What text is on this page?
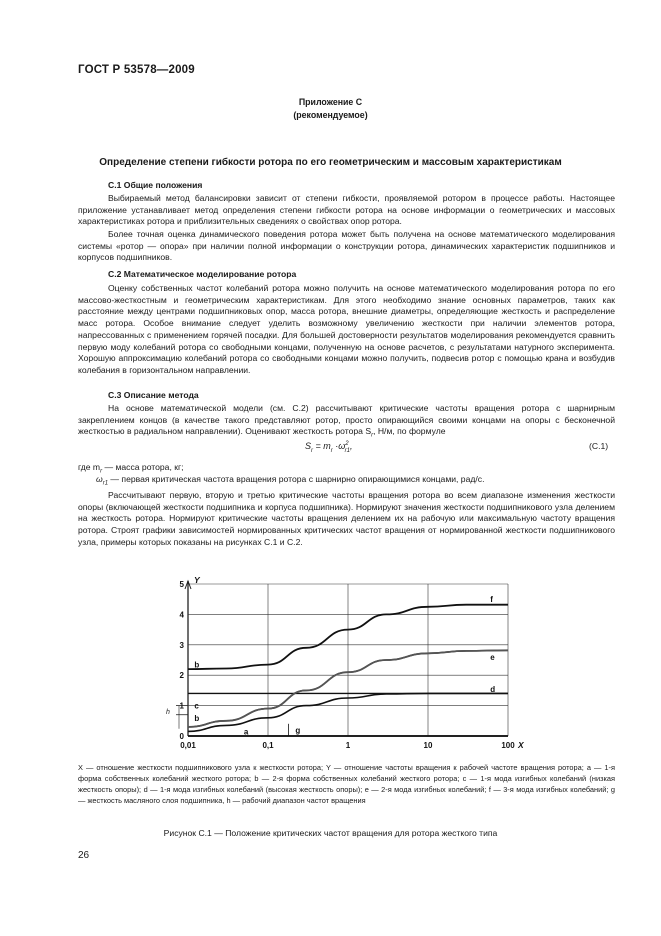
ГОСТ Р 53578—2009
Приложение С
(рекомендуемое)
Определение степени гибкости ротора по его геометрическим и массовым характеристикам
С.1 Общие положения
Выбираемый метод балансировки зависит от степени гибкости, проявляемой ротором в процессе работы. Настоящее приложение устанавливает метод определения степени гибкости ротора на основе информации о геометрических и массовых характеристиках ротора и приблизительных сведениях о свойствах опор ротора.
Более точная оценка динамического поведения ротора может быть получена на основе математического моделирования системы «ротор — опора» при наличии полной информации о конструкции ротора, динамических характеристик подшипников и корпусов подшипников.
С.2 Математическое моделирование ротора
Оценку собственных частот колебаний ротора можно получить на основе математического моделирования ротора по его массово-жесткостным и геометрическим характеристикам. Для этого необходимо знание основных параметров, таких как расстояние между центрами подшипниковых опор, масса ротора, внешние диаметры, определяющие жесткость и распределение масс ротора. Особое внимание следует уделить возможному увеличению жесткости при наличии элементов ротора, напрессованных с применением горячей посадки. Для большей достоверности результатов моделирования рекомендуется сравнить первую моду колебаний ротора со свободными концами, полученную на основе расчетов, с результатами натурного эксперимента. Хорошую аппроксимацию колебаний ротора со свободными концами можно получить, подвесив ротор с помощью крана и возбудив колебания в горизонтальном направлении.
С.3 Описание метода
На основе математической модели (см. С.2) рассчитывают критические частоты вращения ротора с шарнирным закреплением концов (в качестве такого представляют ротор, просто опирающийся своими концами на опоры с бесконечной жесткостью в радиальном направлении). Оценивают жесткость ротора $S_r$, Н/м, по формуле
$S_r = m_r \cdot\omega^2_{r1}$,	(С.1)
где $m_r$ — масса ротора, кг;
$\omega_{r1}$ — первая критическая частота вращения ротора с шарнирно опирающимися концами, рад/с.
Рассчитывают первую, вторую и третью критические частоты вращения ротора во всем диапазоне изменения жесткости опоры (включающей жесткости подшипника и корпуса подшипника). Нормируют значения жесткости подшипникового узла делением на жесткость ротора. Нормируют критические частоты вращения делением их на рабочую или максимальную частоту вращения ротора. Строят графики зависимостей нормированных критических частот вращения от нормированной жесткости подшипникового узла, примеры которых показаны на рисунках С.1 и С.2.
h
0,01	0,1	1	10	100
0
1
2
3
4
5
X
Y
a
b
b
c
d
e
f
g
X — отношение жесткости подшипникового узла к жесткости ротора; Y — отношение частоты вращения к рабочей частоте вращения ротора; а — 1-я форма собственных колебаний жесткого ротора; b — 2-я форма собственных колебаний жесткого ротора; с — 1-я мода изгибных колебаний (низкая жесткость опоры); d — 1-я мода изгибных колебаний (высокая жесткость опоры); е — 2-я мода изгибных колебаний; f — 3-я мода изгибных колебаний; g — жесткость масляного слоя подшипника, h — рабочий диапазон частот вращения
Рисунок С.1 — Положение критических частот вращения для ротора жесткого типа
26
